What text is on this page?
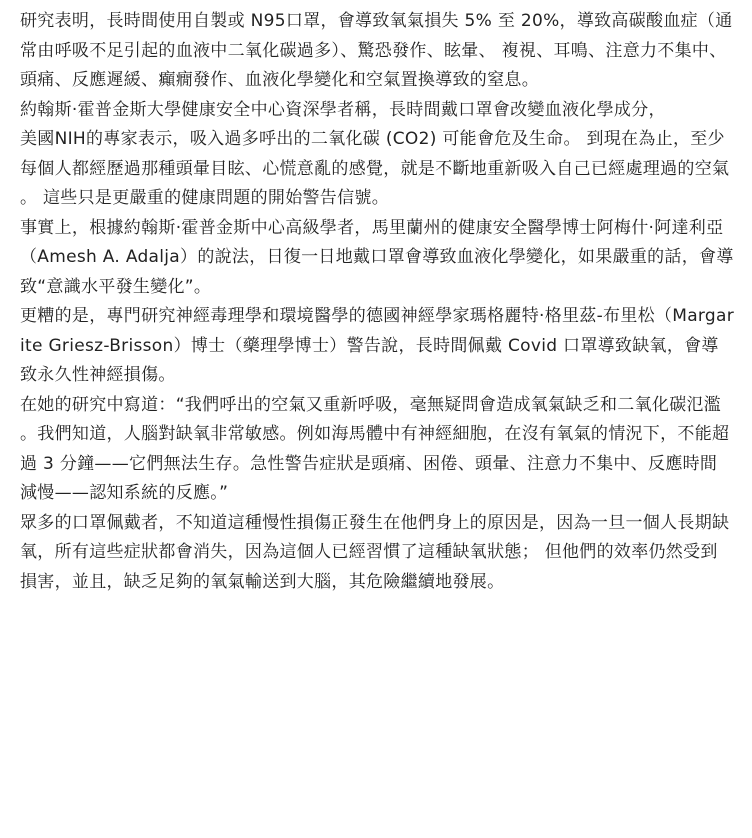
研究表明，長時間使用自製或 N95口罩，會導致氧氣損失 5% 至 20%，導致高碳酸血症（通常由呼吸不足引起的血液中二氧化碳過多）、驚恐發作、眩暈、 複視、耳鳴、注意力不集中、頭痛、反應遲緩、癲癇發作、血液化學變化和空氣置換導致的窒息。

約翰斯·霍普金斯大學健康安全中心資深學者稱，長時間戴口罩會改變血液化學成分，

美國NIH的專家表示，吸入過多呼出的二氧化碳 (CO2) 可能會危及生命。 到現在為止，至少每個人都經歷過那種頭暈目眩、心慌意亂的感覺，就是不斷地重新吸入自己已經處理過的空氣。 這些只是更嚴重的健康問題的開始警告信號。

事實上，根據約翰斯·霍普金斯中心高級學者，馬里蘭州的健康安全醫學博士阿梅什·阿達利亞（Amesh A. Adalja）的說法，日復一日地戴口罩會導致血液化學變化，如果嚴重的話，會導致“意識水平發生變化”。

更糟的是，專門研究神經毒理學和環境醫學的德國神經學家瑪格麗特·格里茲-布里松（Margarite Griesz-Brisson）博士（藥理學博士）警告說，長時間佩戴 Covid 口罩導致缺氧，會導致永久性神經損傷。

在她的研究中寫道：“我們呼出的空氣又重新呼吸，毫無疑問會造成氧氣缺乏和二氧化碳氾濫。我們知道，人腦對缺氧非常敏感。例如海馬體中有神經細胞，在沒有氧氣的情況下，不能超過 3 分鐘——它們無法生存。急性警告症狀是頭痛、困倦、頭暈、注意力不集中、反應時間減慢——認知系統的反應。”

眾多的口罩佩戴者，不知道這種慢性損傷正發生在他們身上的原因是，因為一旦一個人長期缺氧，所有這些症狀都會消失，因為這個人已經習慣了這種缺氧狀態； 但他們的效率仍然受到損害，並且，缺乏足夠的氧氣輸送到大腦，其危險繼續地發展。
